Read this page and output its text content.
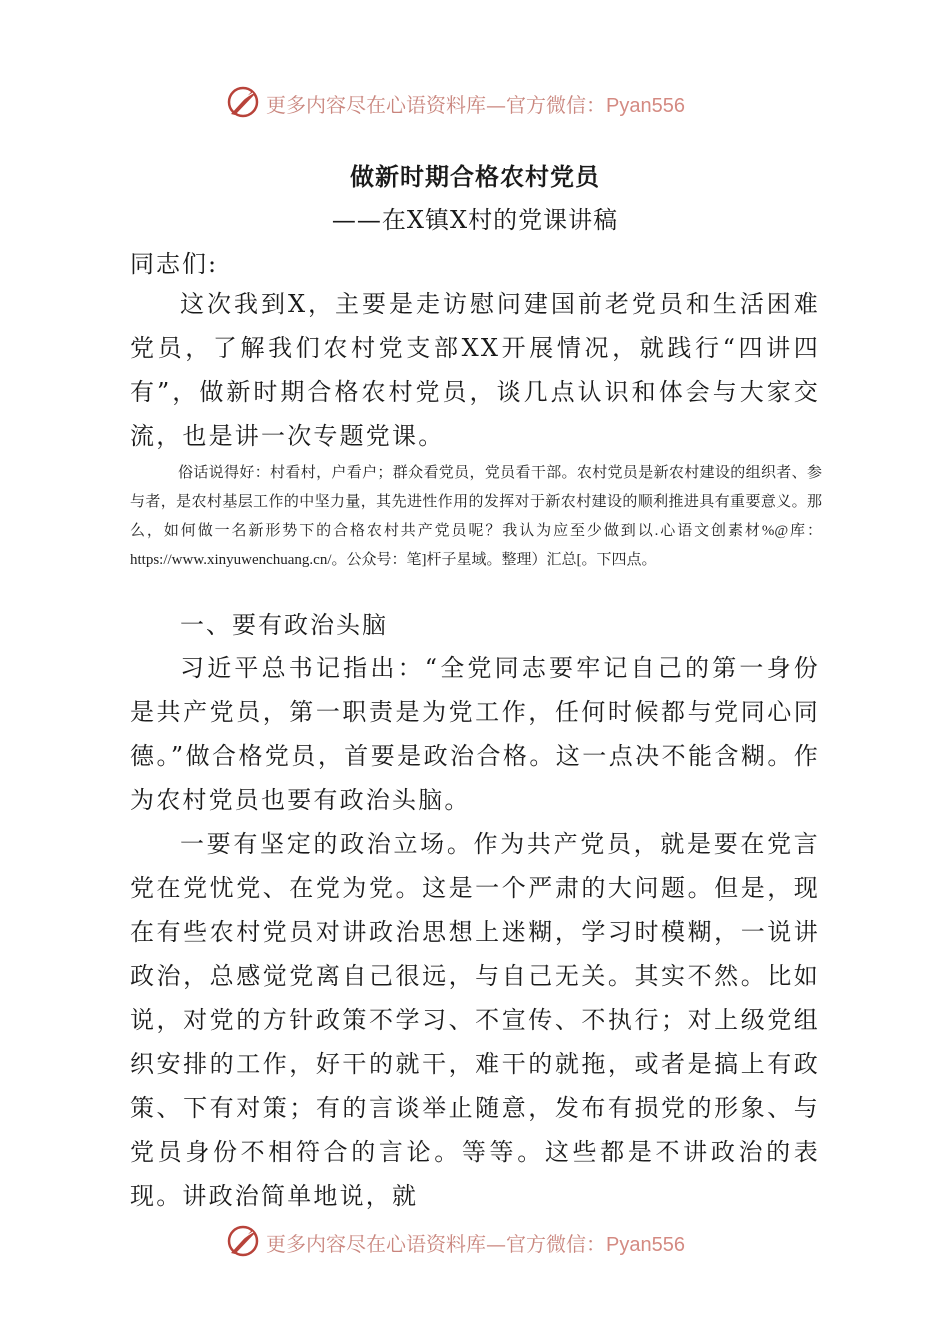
更多内容尽在心语资料库—官方微信：Pyan556
做新时期合格农村党员
——在X镇X村的党课讲稿
同志们:

这次我到X，主要是走访慰问建国前老党员和生活困难党员，了解我们农村党支部XX开展情况，就践行“四讲四有”，做新时期合格农村党员，谈几点认识和体会与大家交流，也是讲一次专题党课。

俗话说得好：村看村，户看户；群众看党员，党员看干部。农村党员是新农村建设的组织者、参与者，是农村基层工作的中坚力量，其先进性作用的发挥对于新农村建设的顺利推进具有重要意义。那么，如何做一名新形势下的合格农村共产党员呢？我认为应至少做到以.心语文创素材%@库：https://www.xinyuwenchuang.cn/。公众号：笔]杆子星域。整理）汇总[。下四点。

一、要有政治头脑

习近平总书记指出：“全党同志要牢记自己的第一身份是共产党员，第一职责是为党工作，任何时候都与党同心同德。”做合格党员，首要是政治合格。这一点决不能含糊。作为农村党员也要有政治头脑。

一要有坚定的政治立场。作为共产党员，就是要在党言党在党忧党、在党为党。这是一个严肃的大问题。但是，现在有些农村党员对讲政治思想上迷糊，学习时模糊，一说讲政治，总感觉党离自己很远，与自己无关。其实不然。比如说，对党的方针政策不学习、不宣传、不执行；对上级党组织安排的工作，好干的就干，难干的就拖，或者是搞上有政策、下有对策；有的言谈举止随意，发布有损党的形象、与党员身份不相符合的言论。等等。这些都是不讲政治的表现。讲政治简单地说，就

更多内容尽在心语资料库—官方微信：Pyan556
